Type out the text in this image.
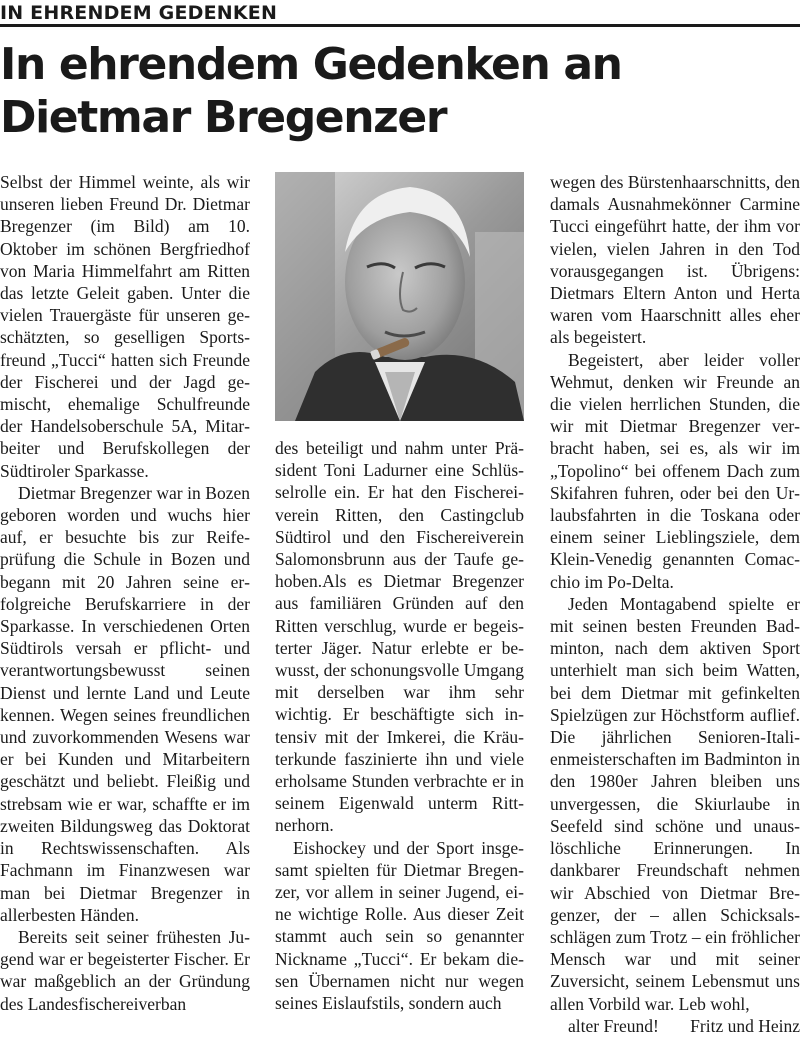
IN EHRENDEM GEDENKEN
In ehrendem Gedenken an Dietmar Bregenzer

Selbst der Himmel weinte, als wir unseren lieben Freund Dr. Dietmar Bregenzer (im Bild) am 10. Oktober im schönen Bergfriedhof von Maria Himmelfahrt am Ritten das letzte Geleit gaben. Unter die vielen Trauergäste für unseren geschätzten, so geselligen Sportsfreund „Tucci“ hatten sich Freunde der Fischerei und der Jagd gemischt, ehemalige Schulfreunde der Handelsoberschule 5A, Mitarbeiter und Berufskollegen der Südtiroler Sparkasse.

Dietmar Bregenzer war in Bozen geboren worden und wuchs hier auf, er besuchte bis zur Reifeprüfung die Schule in Bozen und begann mit 20 Jahren seine erfolgreiche Berufskarriere in der Sparkasse. In verschiedenen Orten Südtirols versah er pflicht- und verantwortungsbewusst seinen Dienst und lernte Land und Leute kennen. Wegen seines freundlichen und zuvorkommenden Wesens war er bei Kunden und Mitarbeitern geschätzt und beliebt. Fleißig und strebsam wie er war, schaffte er im zweiten Bildungsweg das Doktorat in Rechtswissenschaften. Als Fachmann im Finanzwesen war man bei Dietmar Bregenzer in allerbesten Händen.

Bereits seit seiner frühesten Jugend war er begeisterter Fischer. Er war maßgeblich an der Gründung des Landesfischereiverban

des beteiligt und nahm unter Präsident Toni Ladurner eine Schlüsselrolle ein. Er hat den Fischereiverein Ritten, den Castingclub Südtirol und den Fischereiverein Salomonsbrunn aus der Taufe gehoben.Als es Dietmar Bregenzer aus familiären Gründen auf den Ritten verschlug, wurde er begeisterter Jäger. Natur erlebte er bewusst, der schonungsvolle Umgang mit derselben war ihm sehr wichtig. Er beschäftigte sich intensiv mit der Imkerei, die Kräuterkunde faszinierte ihn und viele erholsame Stunden verbrachte er in seinem Eigenwald unterm Rittnerhorn.

Eishockey und der Sport insgesamt spielten für Dietmar Bregenzer, vor allem in seiner Jugend, eine wichtige Rolle. Aus dieser Zeit stammt auch sein so genannter Nickname „Tucci“. Er bekam diesen Übernamen nicht nur wegen seines Eislaufstils, sondern auch

wegen des Bürstenhaarschnitts, den damals Ausnahmekönner Carmine Tucci eingeführt hatte, der ihm vor vielen, vielen Jahren in den Tod vorausgegangen ist. Übrigens: Dietmars Eltern Anton und Herta waren vom Haarschnitt alles eher als begeistert.

Begeistert, aber leider voller Wehmut, denken wir Freunde an die vielen herrlichen Stunden, die wir mit Dietmar Bregenzer verbracht haben, sei es, als wir im „Topolino“ bei offenem Dach zum Skifahren fuhren, oder bei den Urlaubsfahrten in die Toskana oder einem seiner Lieblingsziele, dem Klein-Venedig genannten Comacchio im Po-Delta.

Jeden Montagabend spielte er mit seinen besten Freunden Badminton, nach dem aktiven Sport unterhielt man sich beim Watten, bei dem Dietmar mit gefinkelten Spielzügen zur Höchstform auflief. Die jährlichen Senioren-Italienmeisterschaften im Badminton in den 1980er Jahren bleiben uns unvergessen, die Skiurlaube in Seefeld sind schöne und unauslöschliche Erinnerungen. In dankbarer Freundschaft nehmen wir Abschied von Dietmar Bregenzer, der – allen Schicksalsschlägen zum Trotz – ein fröhlicher Mensch war und mit seiner Zuversicht, seinem Lebensmut uns allen Vorbild war. Leb wohl,

alter Freund!	Fritz und Heinz
